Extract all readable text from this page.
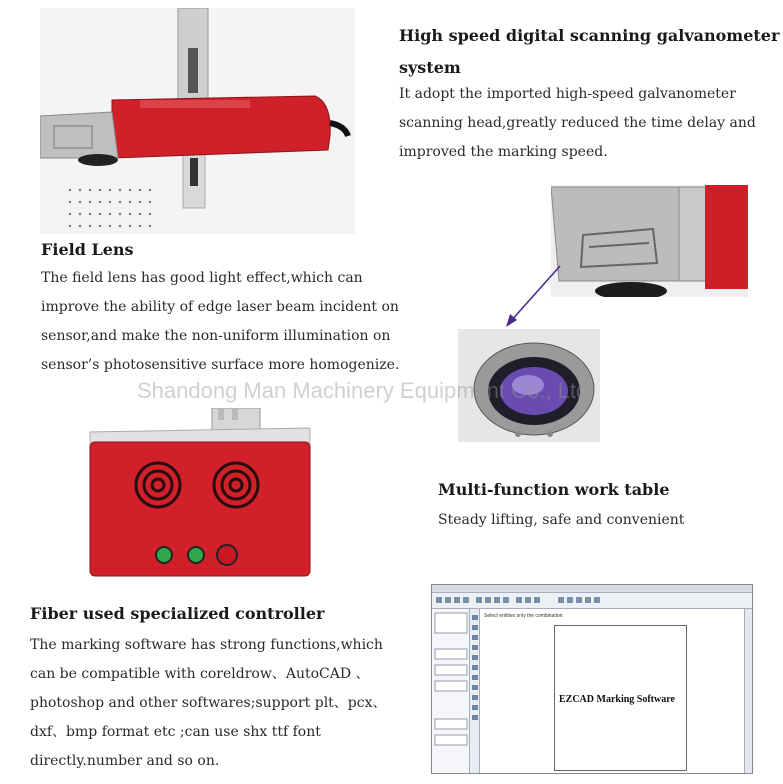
High speed digital scanning galvanometer
system
It adopt the imported high-speed galvanometer
scanning head,greatly reduced the time delay and
improved the marking speed.
Field Lens
The field lens has good light effect,which can
improve the ability of edge laser beam incident on
sensor,and make the non-uniform illumination on
sensor’s photosensitive surface more homogenize.
Shandong Man Machinery Equipment Co., Ltd.
Multi-function work table
Steady lifting, safe and convenient
Fiber used specialized controller
The marking software has strong functions,which
can be compatible with coreldrow、AutoCAD 、
photoshop and other softwares;support plt、pcx、
dxf、bmp format etc ;can use shx ttf font
directly.number and so on.
Select entities only the combination
EZCAD Marking Software
